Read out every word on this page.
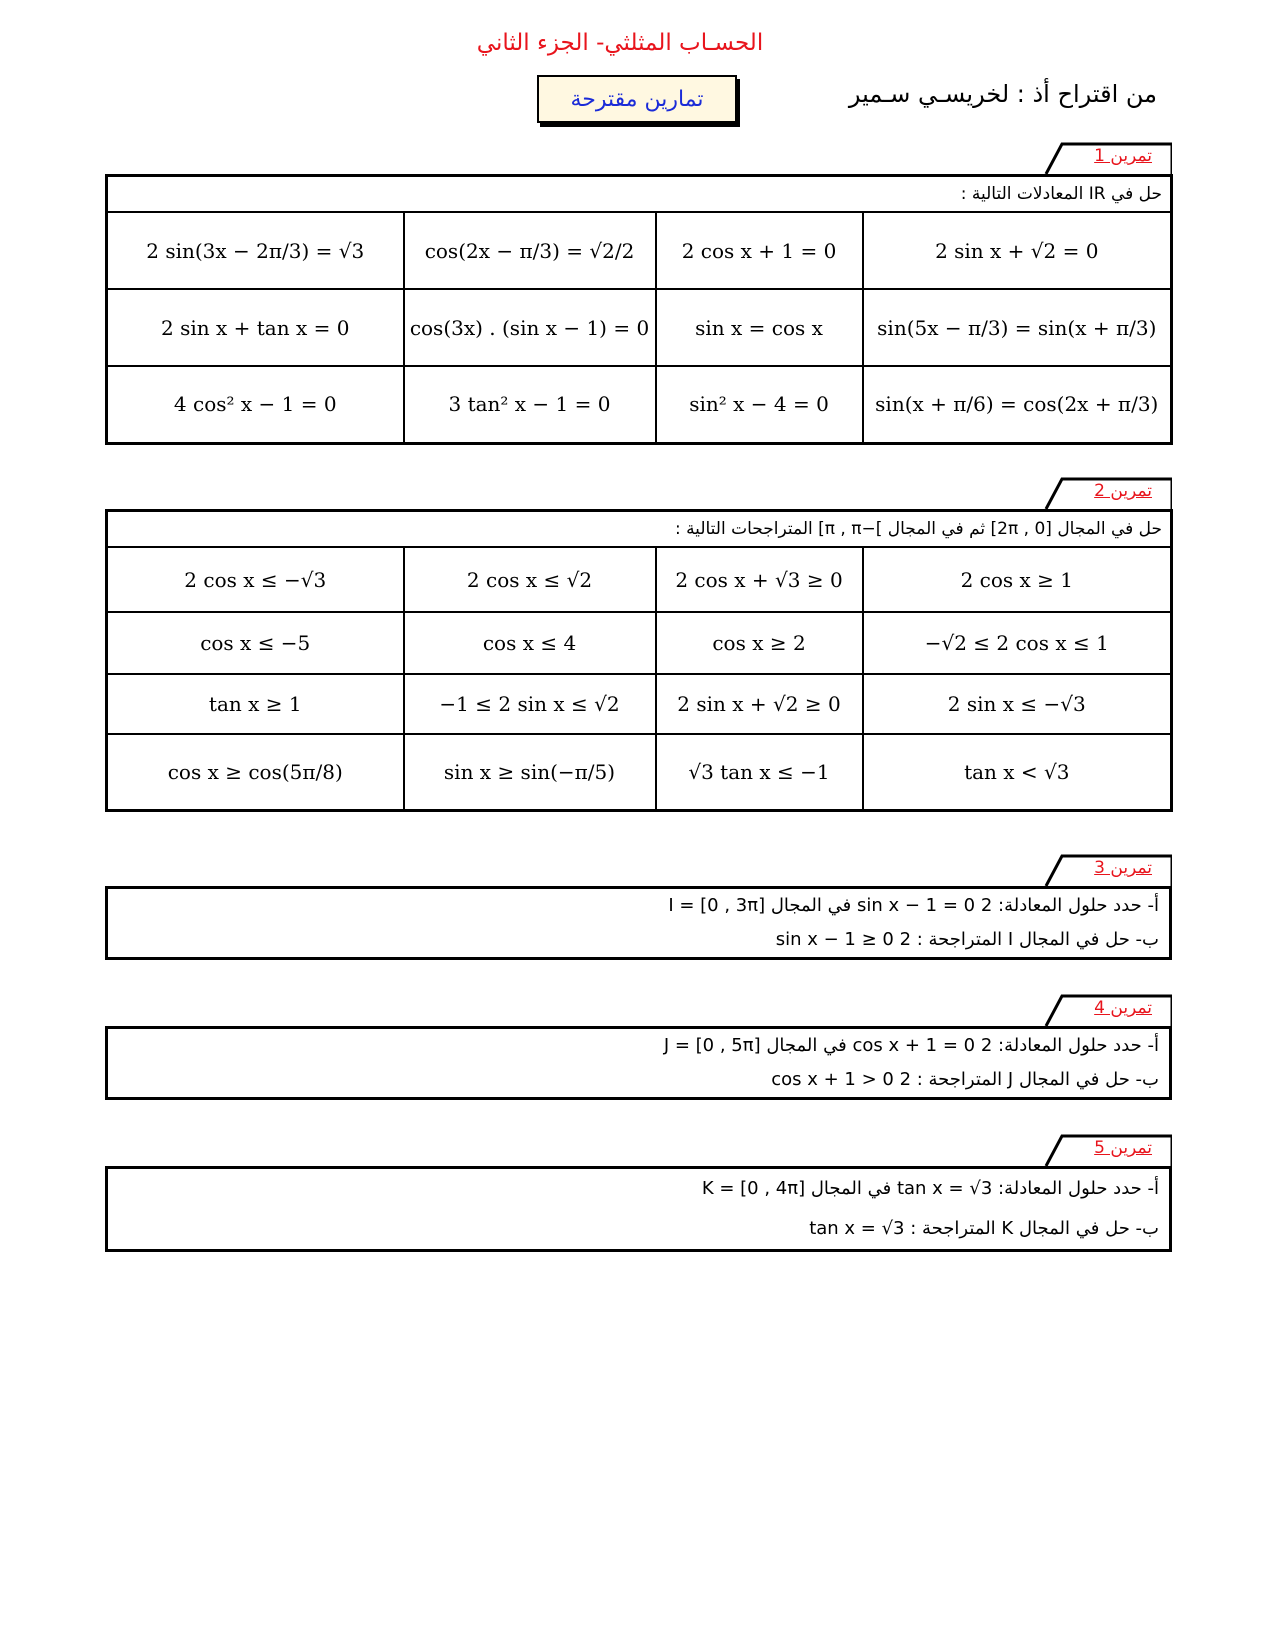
الحسـاب المثلثي- الجزء الثاني
من اقتراح أذ : لخريسـي سـمير
تمارين مقترحة
تمرين 1
حل في IR المعادلات التالية :			
2 sin(3x − 2π/3) = √3	cos(2x − π/3) = √2/2	2 cos x + 1 = 0	2 sin x + √2 = 0
2 sin x + tan x = 0	cos(3x) . (sin x − 1) = 0	sin x = cos x	sin(5x − π/3) = sin(x + π/3)
4 cos² x − 1 = 0	3 tan² x − 1 = 0	sin² x − 4 = 0	sin(x + π/6) = cos(2x + π/3)
تمرين 2
حل في المجال [0 , 2π] ثم في المجال ]−π , π] المتراجحات التالية :			
2 cos x ≤ −√3	2 cos x ≤ √2	2 cos x + √3 ≥ 0	2 cos x ≥ 1
cos x ≤ −5	cos x ≤ 4	cos x ≥ 2	−√2 ≤ 2 cos x ≤ 1
tan x ≥ 1	−1 ≤ 2 sin x ≤ √2	2 sin x + √2 ≥ 0	2 sin x ≤ −√3
cos x ≥ cos(5π/8)	sin x ≥ sin(−π/5)	√3 tan x ≤ −1	tan x < √3
تمرين 3
أ- حدد حلول المعادلة: 2 sin x − 1 = 0 في المجال I = [0 , 3π]
ب- حل في المجال I المتراجحة : 2 sin x − 1 ≥ 0
تمرين 4
أ- حدد حلول المعادلة: 2 cos x + 1 = 0 في المجال J = [0 , 5π]
ب- حل في المجال J المتراجحة : 2 cos x + 1 > 0
تمرين 5
أ- حدد حلول المعادلة: tan x = √3 في المجال K = [0 , 4π]
ب- حل في المجال K المتراجحة : tan x = √3
